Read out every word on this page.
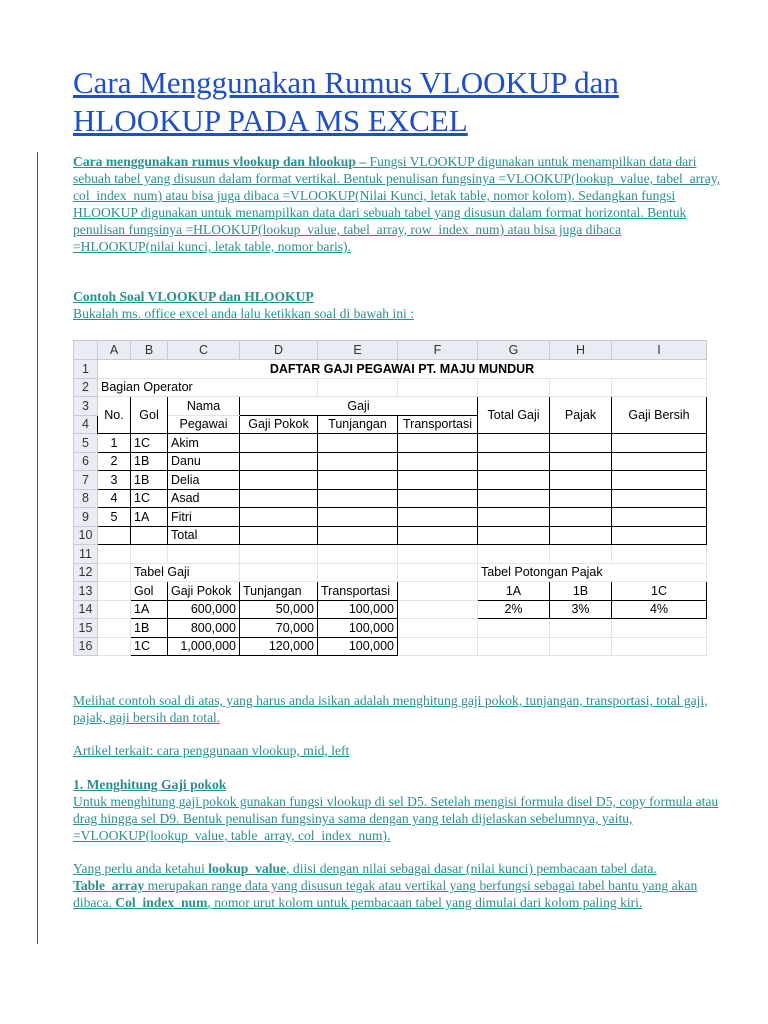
Cara Menggunakan Rumus VLOOKUP dan HLOOKUP PADA MS EXCEL

Cara menggunakan rumus vlookup dan hlookup – Fungsi VLOOKUP digunakan untuk menampilkan data dari sebuah tabel yang disusun dalam format vertikal. Bentuk penulisan fungsinya =VLOOKUP(lookup_value, tabel_array, col_index_num) atau bisa juga dibaca =VLOOKUP(Nilai Kunci, letak table, nomor kolom). Sedangkan fungsi HLOOKUP digunakan untuk menampilkan data dari sebuah tabel yang disusun dalam format horizontal. Bentuk penulisan fungsinya =HLOOKUP(lookup_value, tabel_array, row_index_num) atau bisa juga dibaca =HLOOKUP(nilai kunci, letak table, nomor baris).

Contoh Soal VLOOKUP dan HLOOKUP
Bukalah ms. office excel anda lalu ketikkan soal di bawah ini :

	A	B	C	D	E	F	G	H	I
1	DAFTAR GAJI PEGAWAI PT. MAJU MUNDUR								
2	Bagian Operator								
3	No.	Gol	Nama	Gaji			Total Gaji	Pajak	Gaji Bersih
4			Pegawai	Gaji Pokok	Tunjangan	Transportasi			
5	1	1C	Akim						
6	2	1B	Danu						
7	3	1B	Delia						
8	4	1C	Asad						
9	5	1A	Fitri						
10			Total						
11									
12		Tabel Gaji					Tabel Potongan Pajak		
13		Gol	Gaji Pokok	Tunjangan	Transportasi		1A	1B	1C
14		1A	600,000	50,000	100,000		2%	3%	4%
15		1B	800,000	70,000	100,000				
16		1C	1,000,000	120,000	100,000				

Melihat contoh soal di atas, yang harus anda isikan adalah menghitung gaji pokok, tunjangan, transportasi, total gaji, pajak, gaji bersih dan total.

Artikel terkait: cara penggunaan vlookup, mid, left

1. Menghitung Gaji pokok
Untuk menghitung gaji pokok gunakan fungsi vlookup di sel D5. Setelah mengisi formula disel D5, copy formula atau drag hingga sel D9. Bentuk penulisan fungsinya sama dengan yang telah dijelaskan sebelumnya, yaitu, =VLOOKUP(lookup_value, table_array, col_index_num).

Yang perlu anda ketahui lookup_value, diisi dengan nilai sebagai dasar (nilai kunci) pembacaan tabel data. Table_array merupakan range data yang disusun tegak atau vertikal yang berfungsi sebagai tabel bantu yang akan dibaca. Col_index_num, nomor urut kolom untuk pembacaan tabel yang dimulai dari kolom paling kiri.
